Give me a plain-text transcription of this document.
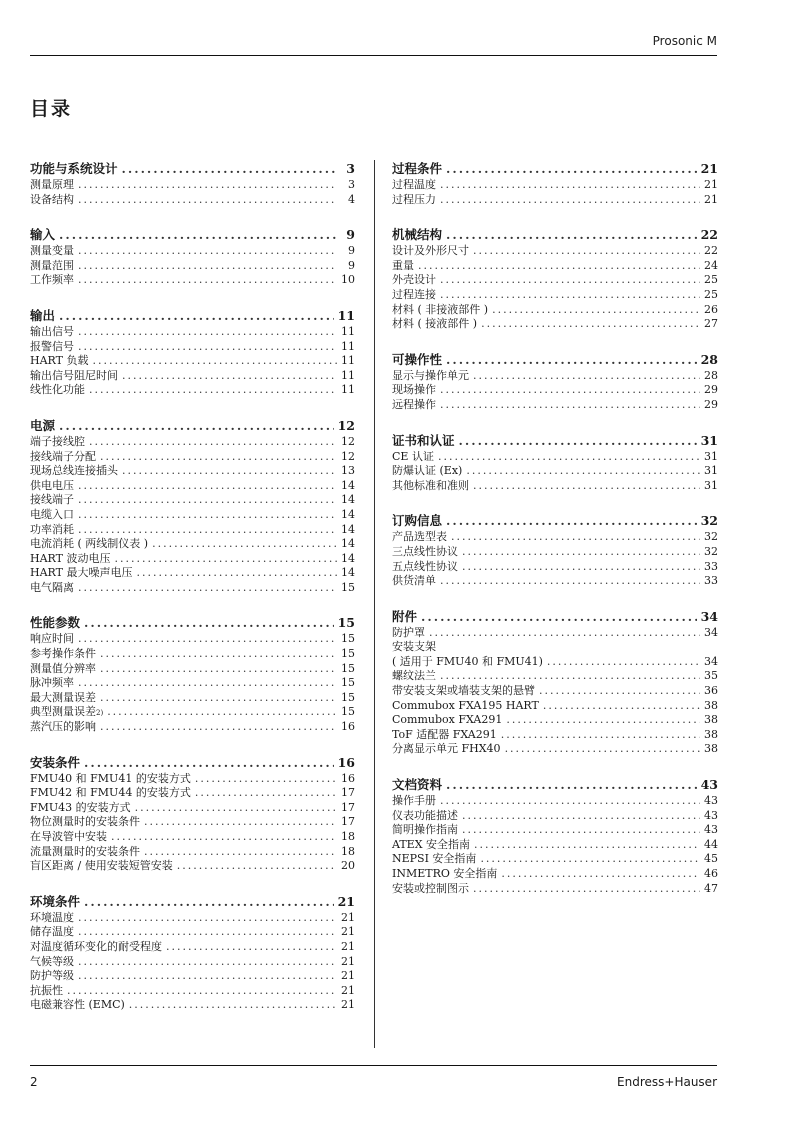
Prosonic M
目录
功能与系统设计 .....	3
测量原理 .....	3
设备结构 .....	4
输入 .....	9
测量变量 .....	9
测量范围 .....	9
工作频率 .....	10
输出 .....	11
输出信号 .....	11
报警信号 .....	11
HART 负载 .....	11
输出信号阻尼时间 .....	11
线性化功能 .....	11
电源 .....	12
端子接线腔 .....	12
接线端子分配 .....	12
现场总线连接插头 .....	13
供电电压 .....	14
接线端子 .....	14
电缆入口 .....	14
功率消耗 .....	14
电流消耗 ( 两线制仪表 ) .....	14
HART 波动电压 .....	14
HART 最大噪声电压 .....	14
电气隔离 .....	15
性能参数 .....	15
响应时间 .....	15
参考操作条件 .....	15
测量值分辨率 .....	15
脉冲频率 .....	15
最大测量误差 .....	15
典型测量误差 2) .....	15
蒸汽压的影响 .....	16
安装条件 .....	16
FMU40 和 FMU41 的安装方式 .....	16
FMU42 和 FMU44 的安装方式 .....	17
FMU43 的安装方式 .....	17
物位测量时的安装条件 .....	17
在导波管中安装 .....	18
流量测量时的安装条件 .....	18
盲区距离 / 使用安装短管安装 .....	20
环境条件 .....	21
环境温度 .....	21
储存温度 .....	21
对温度循环变化的耐受程度 .....	21
气候等级 .....	21
防护等级 .....	21
抗振性 .....	21
电磁兼容性 (EMC) .....	21
过程条件 .....	21
过程温度 .....	21
过程压力 .....	21
机械结构 .....	22
设计及外形尺寸 .....	22
重量 .....	24
外壳设计 .....	25
过程连接 .....	25
材料 ( 非接液部件 ) .....	26
材料 ( 接液部件 ) .....	27
可操作性 .....	28
显示与操作单元 .....	28
现场操作 .....	29
远程操作 .....	29
证书和认证 .....	31
CE 认证 .....	31
防爆认证 (Ex) .....	31
其他标准和准则 .....	31
订购信息 .....	32
产品选型表 .....	32
三点线性协议 .....	32
五点线性协议 .....	33
供货清单 .....	33
附件 .....	34
防护罩 .....	34
安装支架
( 适用于 FMU40 和 FMU41) .....	34
螺纹法兰 .....	35
带安装支架或墙装支架的悬臂 .....	36
Commubox FXA195 HART .....	38
Commubox FXA291 .....	38
ToF 适配器 FXA291 .....	38
分离显示单元 FHX40 .....	38
文档资料 .....	43
操作手册 .....	43
仪表功能描述 .....	43
简明操作指南 .....	43
ATEX 安全指南 .....	44
NEPSI 安全指南 .....	45
INMETRO 安全指南 .....	46
安装或控制图示 .....	47
2	Endress+Hauser
